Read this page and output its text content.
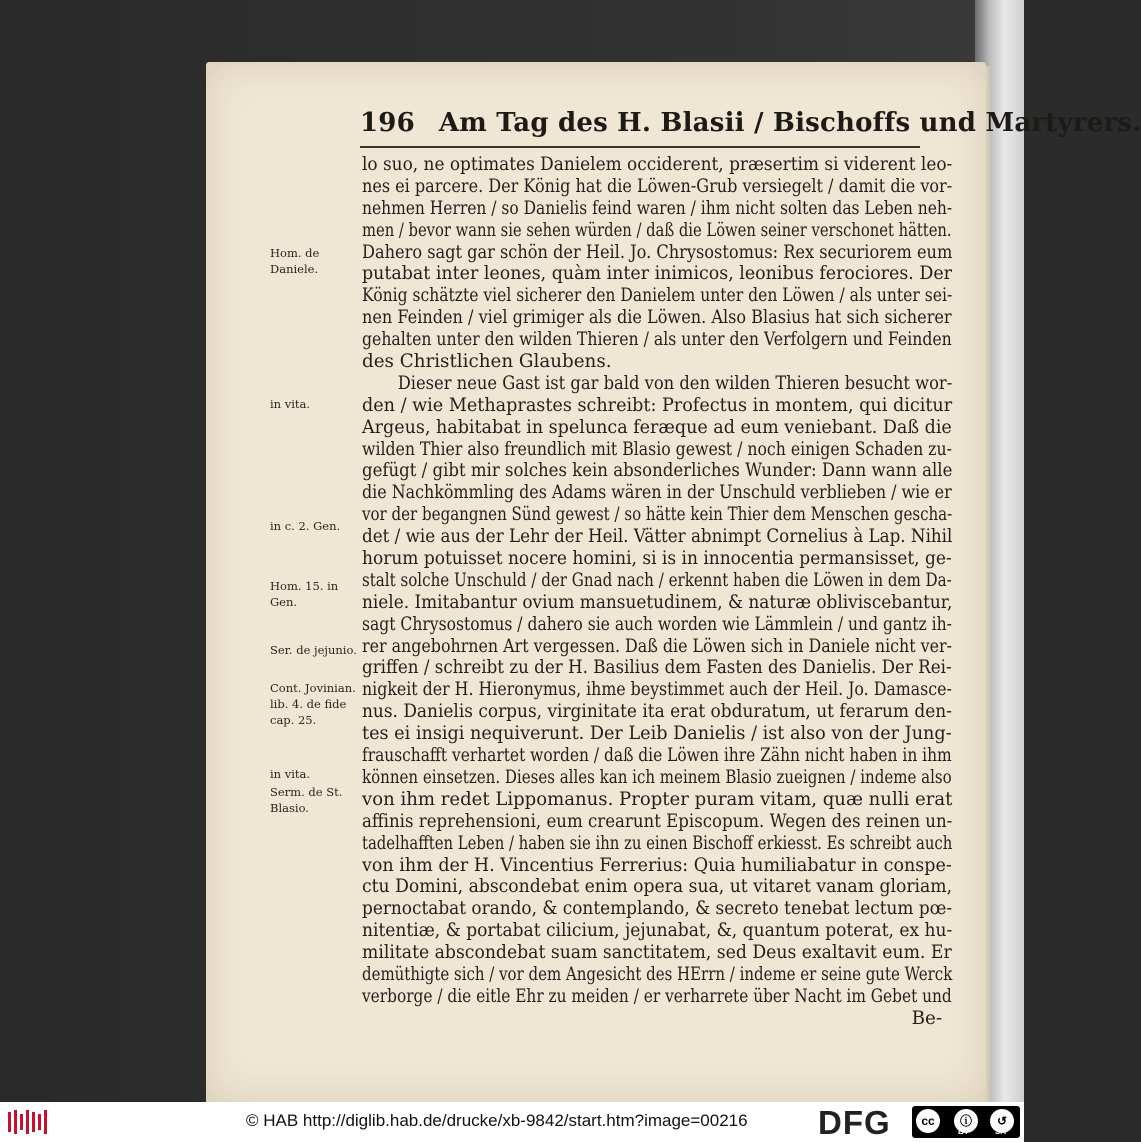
196 Am Tag des H. Blasii / Bischoffs und Martyrers.
lo suo, ne optimates Danielem occiderent, præsertim si viderent leo-
nes ei parcere. Der König hat die Löwen-Grub versiegelt / damit die vor-
nehmen Herren / so Danielis feind waren / ihm nicht solten das Leben neh-
men / bevor wann sie sehen würden / daß die Löwen seiner verschonet hätten.
Dahero sagt gar schön der Heil. Jo. Chrysostomus: Rex securiorem eum
putabat inter leones, quàm inter inimicos, leonibus ferociores. Der
König schätzte viel sicherer den Danielem unter den Löwen / als unter sei-
nen Feinden / viel grimiger als die Löwen. Also Blasius hat sich sicherer
gehalten unter den wilden Thieren / als unter den Verfolgern und Feinden
des Christlichen Glaubens.
Dieser neue Gast ist gar bald von den wilden Thieren besucht wor-
den / wie Methaprastes schreibt: Profectus in montem, qui dicitur
Argeus, habitabat in spelunca feræque ad eum veniebant. Daß die
wilden Thier also freundlich mit Blasio gewest / noch einigen Schaden zu-
gefügt / gibt mir solches kein absonderliches Wunder: Dann wann alle
die Nachkömmling des Adams wären in der Unschuld verblieben / wie er
vor der begangnen Sünd gewest / so hätte kein Thier dem Menschen gescha-
det / wie aus der Lehr der Heil. Vätter abnimpt Cornelius à Lap. Nihil
horum potuisset nocere homini, si is in innocentia permansisset, ge-
stalt solche Unschuld / der Gnad nach / erkennt haben die Löwen in dem Da-
niele. Imitabantur ovium mansuetudinem, & naturæ obliviscebantur,
sagt Chrysostomus / dahero sie auch worden wie Lämmlein / und gantz ih-
rer angebohrnen Art vergessen. Daß die Löwen sich in Daniele nicht ver-
griffen / schreibt zu der H. Basilius dem Fasten des Danielis. Der Rei-
nigkeit der H. Hieronymus, ihme beystimmet auch der Heil. Jo. Damasce-
nus. Danielis corpus, virginitate ita erat obduratum, ut ferarum den-
tes ei insigi nequiverunt. Der Leib Danielis / ist also von der Jung-
frauschafft verhartet worden / daß die Löwen ihre Zähn nicht haben in ihm
können einsetzen. Dieses alles kan ich meinem Blasio zueignen / indeme also
von ihm redet Lippomanus. Propter puram vitam, quæ nulli erat
affinis reprehensioni, eum crearunt Episcopum. Wegen des reinen un-
tadelhafften Leben / haben sie ihn zu einen Bischoff erkiesst. Es schreibt auch
von ihm der H. Vincentius Ferrerius: Quia humiliabatur in conspe-
ctu Domini, abscondebat enim opera sua, ut vitaret vanam gloriam,
pernoctabat orando, & contemplando, & secreto tenebat lectum pœ-
nitentiæ, & portabat cilicium, jejunabat, &, quantum poterat, ex hu-
militate abscondebat suam sanctitatem, sed Deus exaltavit eum. Er
demüthigte sich / vor dem Angesicht des HErrn / indeme er seine gute Werck
verborge / die eitle Ehr zu meiden / er verharrete über Nacht im Gebet und
Be-
Hom. de Daniele.
in vita.
in c. 2. Gen.
Hom. 15. in Gen.
Ser. de jejunio.
Cont. Jovinian. lib. 4. de fide cap. 25.
in vita.
Serm. de St. Blasio.
© HAB http://diglib.hab.de/drucke/xb-9842/start.htm?image=00216 DFG	cc	ⓘ	↺
BY	SA
